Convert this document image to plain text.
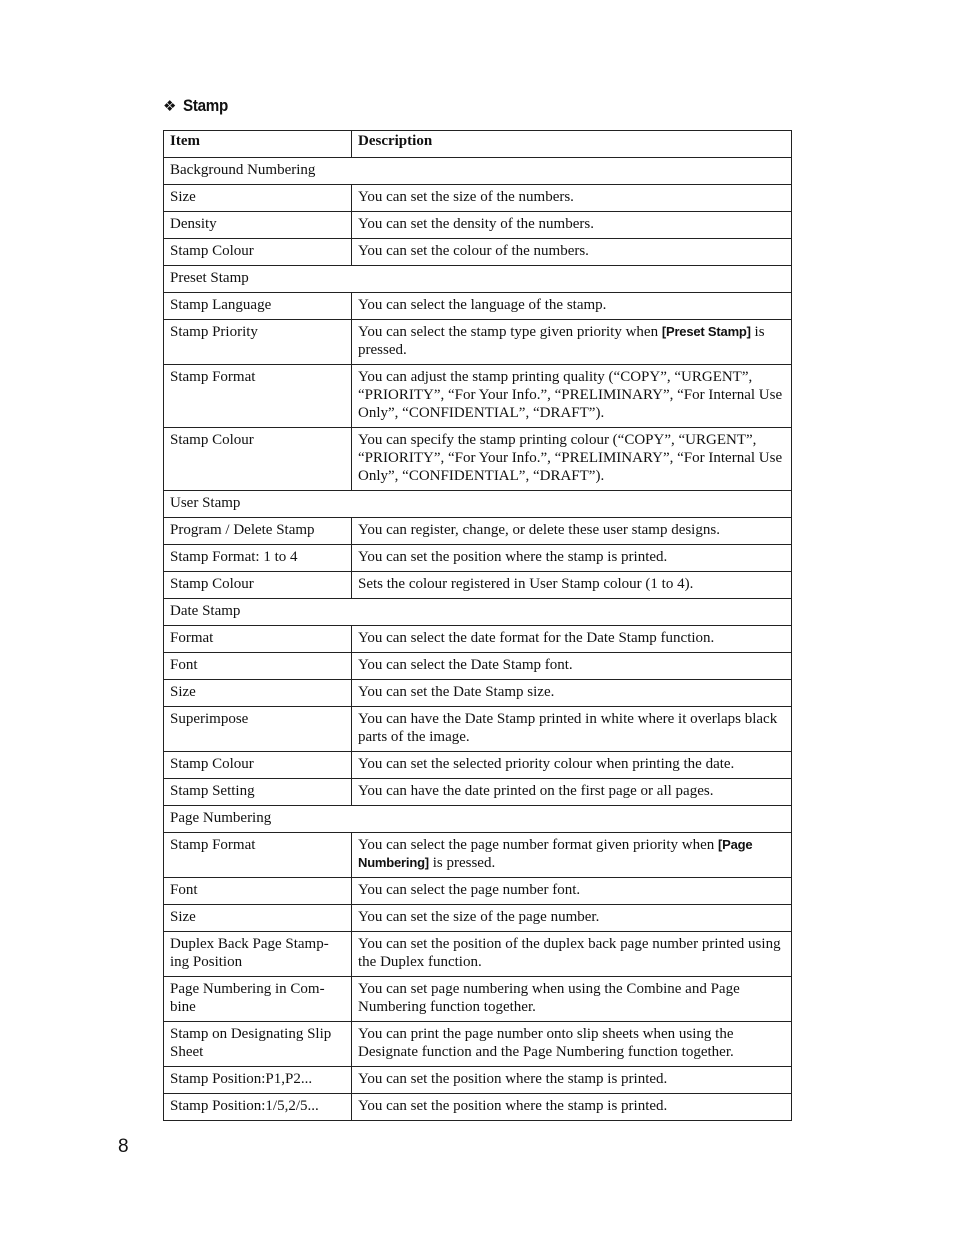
❖ Stamp
Item	Description
Background Numbering	
Size	You can set the size of the numbers.
Density	You can set the density of the numbers.
Stamp Colour	You can set the colour of the numbers.
Preset Stamp	
Stamp Language	You can select the language of the stamp.
Stamp Priority	You can select the stamp type given priority when [Preset Stamp] is pressed.
Stamp Format	You can adjust the stamp printing quality (“COPY”, “URGENT”, “PRIORITY”, “For Your Info.”, “PRELIMINARY”, “For Internal Use Only”, “CONFIDENTIAL”, “DRAFT”).
Stamp Colour	You can specify the stamp printing colour (“COPY”, “URGENT”, “PRIORITY”, “For Your Info.”, “PRELIMINARY”, “For Internal Use Only”, “CONFIDENTIAL”, “DRAFT”).
User Stamp	
Program / Delete Stamp	You can register, change, or delete these user stamp designs.
Stamp Format: 1 to 4	You can set the position where the stamp is printed.
Stamp Colour	Sets the colour registered in User Stamp colour (1 to 4).
Date Stamp	
Format	You can select the date format for the Date Stamp function.
Font	You can select the Date Stamp font.
Size	You can set the Date Stamp size.
Superimpose	You can have the Date Stamp printed in white where it overlaps black parts of the image.
Stamp Colour	You can set the selected priority colour when printing the date.
Stamp Setting	You can have the date printed on the first page or all pages.
Page Numbering	
Stamp Format	You can select the page number format given priority when [Page Numbering] is pressed.
Font	You can select the page number font.
Size	You can set the size of the page number.
Duplex Back Page Stamp-ing Position	You can set the position of the duplex back page number printed using the Duplex function.
Page Numbering in Com-bine	You can set page numbering when using the Combine and Page Numbering function together.
Stamp on Designating Slip Sheet	You can print the page number onto slip sheets when using the Designate function and the Page Numbering function together.
Stamp Position:P1,P2...	You can set the position where the stamp is printed.
Stamp Position:1/5,2/5...	You can set the position where the stamp is printed.
8
